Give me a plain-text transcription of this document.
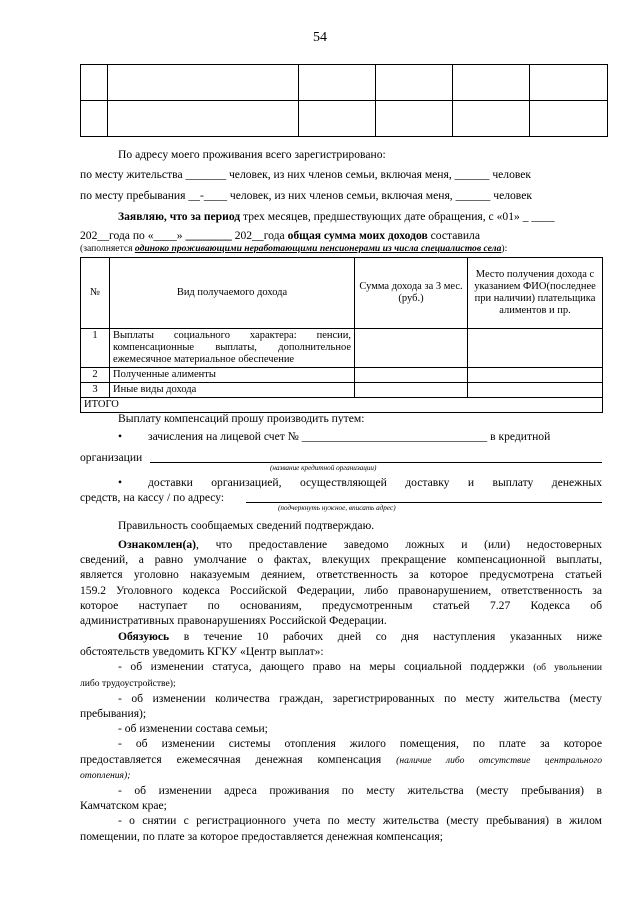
54

По адресу моего проживания всего зарегистрировано:
по месту жительства _______ человек, из них членов семьи, включая меня, ______ человек
по месту пребывания __-____ человек, из них членов семьи, включая меня, ______ человек
Заявляю, что за период трех месяцев, предшествующих дате обращения, с «01» _ ____
202__года по «____» ________ 202__года общая сумма моих доходов составила
(заполняется одиноко проживающими неработающими пенсионерами из числа специалистов села):
№	Вид получаемого дохода	Сумма дохода за 3 мес. (руб.)	Место получения дохода с указанием ФИО(последнее при наличии) плательщика алиментов и пр.
1	Выплаты социального характера: пенсии, компенсационные выплаты, дополнительное ежемесячное материальное обеспечение		
2	Полученные алименты		
3	Иные виды дохода		
ИТОГО			
Выплату компенсаций прошу производить путем:
• зачисления на лицевой счет № ________________________________ в кредитной
организации
(название кредитной организации)
• доставки организацией, осуществляющей доставку и выплату денежных
средств, на кассу / по адресу:
(подчеркнуть нужное, вписать адрес)
Правильность сообщаемых сведений подтверждаю.
Ознакомлен(а), что предоставление заведомо ложных и (или) недостоверных
сведений, а равно умолчание о фактах, влекущих прекращение компенсационной выплаты,
является уголовно наказуемым деянием, ответственность за которое предусмотрена статьей
159.2 Уголовного кодекса Российской Федерации, либо правонарушением, ответственность за
которое наступает по основаниям, предусмотренным статьей 7.27 Кодекса об
административных правонарушениях Российской Федерации.
Обязуюсь в течение 10 рабочих дней со дня наступления указанных ниже
обстоятельств уведомить КГКУ «Центр выплат»:
- об изменении статуса, дающего право на меры социальной поддержки (об увольнении
либо трудоустройстве);
- об изменении количества граждан, зарегистрированных по месту жительства (месту
пребывания);
- об изменении состава семьи;
- об изменении системы отопления жилого помещения, по плате за которое
предоставляется ежемесячная денежная компенсация (наличие либо отсутствие центрального
отопления);
- об изменении адреса проживания по месту жительства (месту пребывания) в
Камчатском крае;
- о снятии с регистрационного учета по месту жительства (месту пребывания) в жилом
помещении, по плате за которое предоставляется денежная компенсация;
